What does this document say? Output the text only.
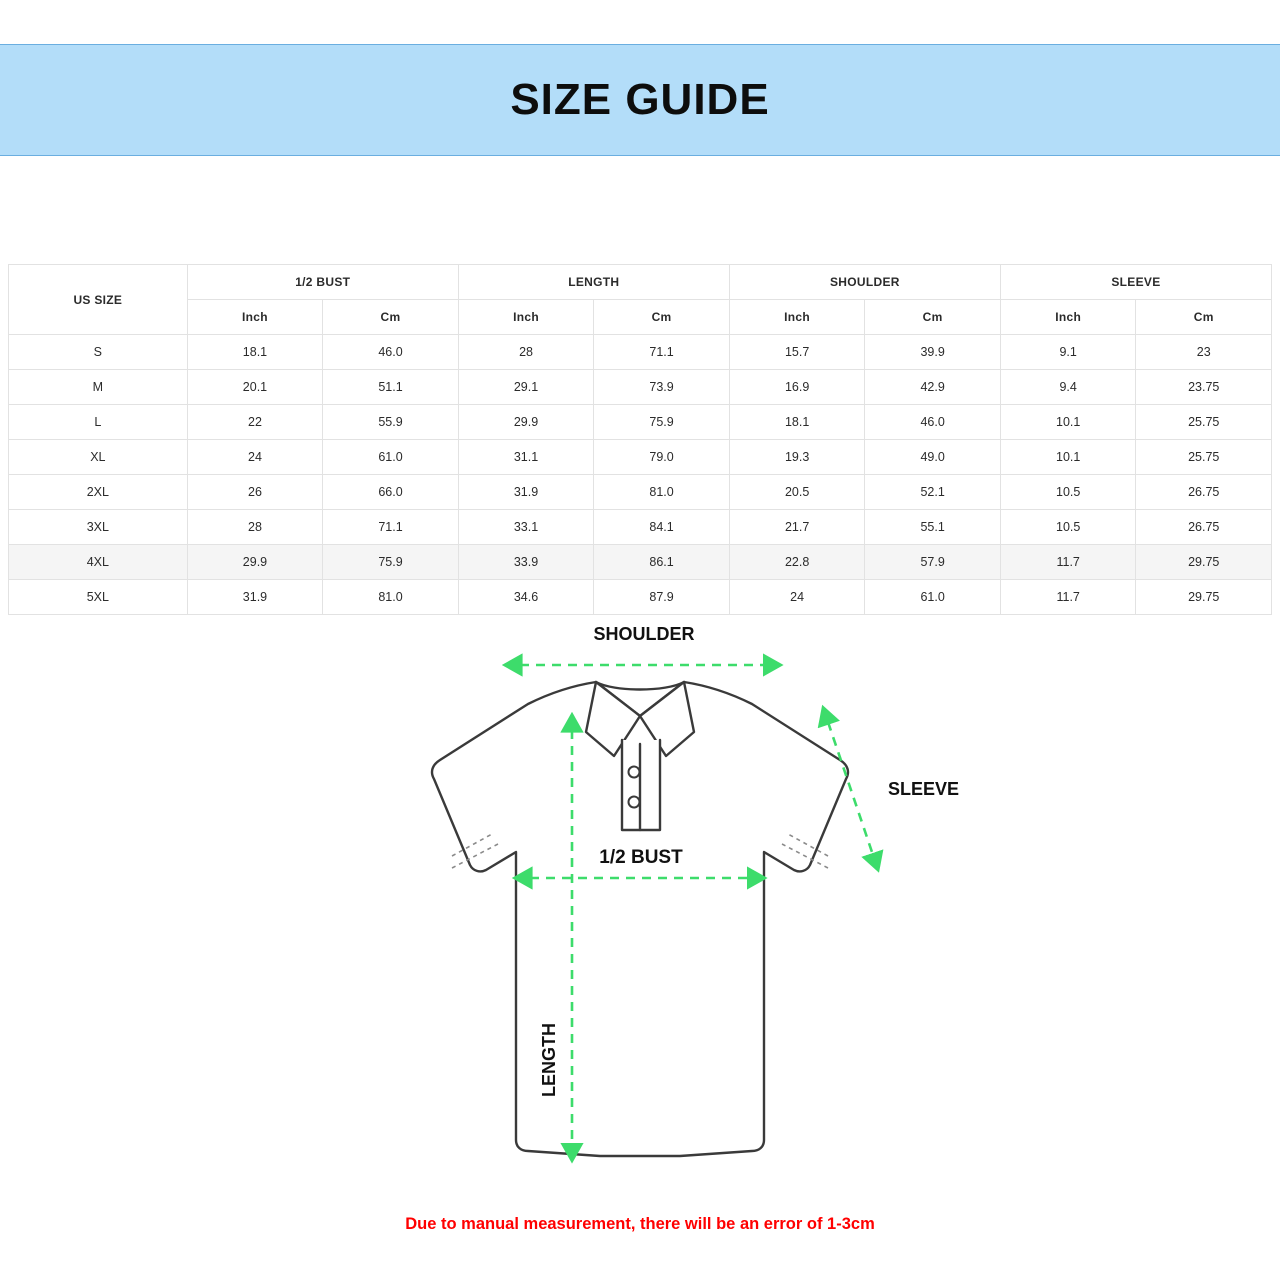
SIZE GUIDE
US SIZE	1/2 BUST		LENGTH		SHOULDER		SLEEVE	
	Inch	Cm	Inch	Cm	Inch	Cm	Inch	Cm
S	18.1	46.0	28	71.1	15.7	39.9	9.1	23
M	20.1	51.1	29.1	73.9	16.9	42.9	9.4	23.75
L	22	55.9	29.9	75.9	18.1	46.0	10.1	25.75
XL	24	61.0	31.1	79.0	19.3	49.0	10.1	25.75
2XL	26	66.0	31.9	81.0	20.5	52.1	10.5	26.75
3XL	28	71.1	33.1	84.1	21.7	55.1	10.5	26.75
4XL	29.9	75.9	33.9	86.1	22.8	57.9	11.7	29.75
5XL	31.9	81.0	34.6	87.9	24	61.0	11.7	29.75
SHOULDER
SLEEVE
1/2 BUST
LENGTH
Due to manual measurement, there will be an error of 1-3cm
